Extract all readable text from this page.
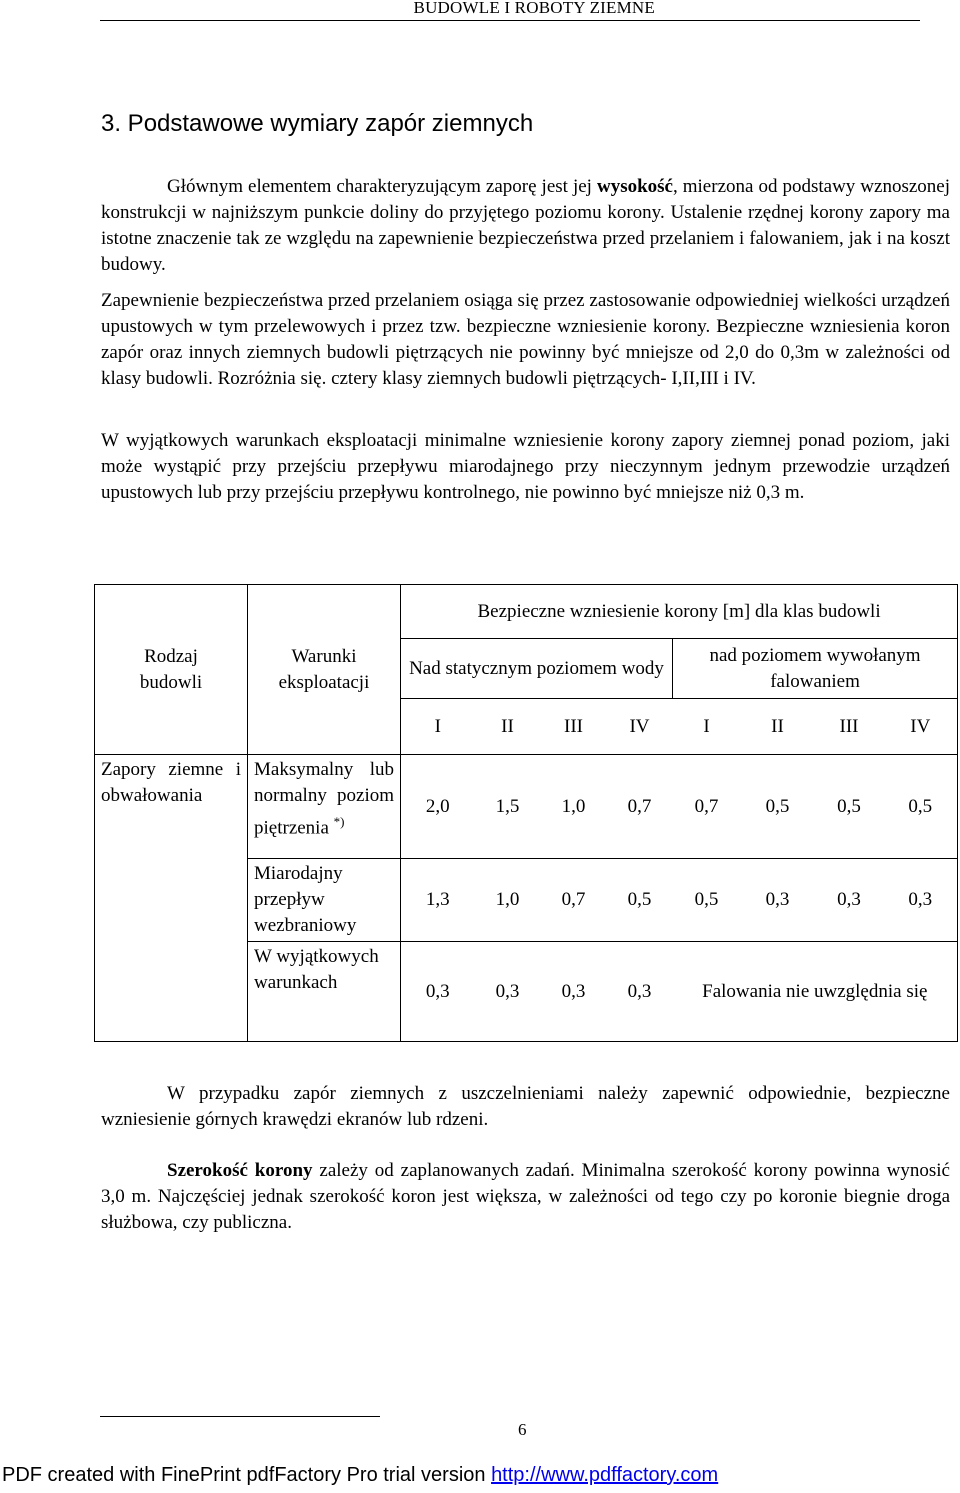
BUDOWLE I ROBOTY ZIEMNE
3. Podstawowe wymiary zapór ziemnych

Głównym elementem charakteryzującym zaporę jest jej wysokość, mierzona od podstawy wznoszonej konstrukcji w najniższym punkcie doliny do przyjętego poziomu korony. Ustalenie rzędnej korony zapory ma istotne znaczenie tak ze względu na zapewnienie bezpieczeństwa przed przelaniem i falowaniem, jak i na koszt budowy.

Zapewnienie bezpieczeństwa przed przelaniem osiąga się przez zastosowanie odpowiedniej wielkości urządzeń upustowych w tym przelewowych i przez tzw. bezpieczne wzniesienie korony. Bezpieczne wzniesienia koron zapór oraz innych ziemnych budowli piętrzących nie powinny być mniejsze od 2,0 do 0,3m w zależności od klasy budowli. Rozróżnia się. cztery klasy ziemnych budowli piętrzących- I,II,III i IV.

W wyjątkowych warunkach eksploatacji minimalne wzniesienie korony zapory ziemnej ponad poziom, jaki może wystąpić przy przejściu przepływu miarodajnego przy nieczynnym jednym przewodzie urządzeń upustowych lub przy przejściu przepływu kontrolnego, nie powinno być mniejsze niż 0,3 m.

Rodzaj budowli	Warunki eksploatacji	Bezpieczne wzniesienie korony [m] dla klas budowli							
		Nad statycznym poziomem wody				nad poziomem wywołanym falowaniem			
		I	II	III	IV	I	II	III	IV
Zapory ziemne i obwałowania	Maksymalny lub normalny poziom piętrzenia *)	2,0	1,5	1,0	0,7	0,7	0,5	0,5	0,5
	Miarodajny przepływ wezbraniowy	1,3	1,0	0,7	0,5	0,5	0,3	0,3	0,3
	W wyjątkowych warunkach	0,3	0,3	0,3	0,3	Falowania nie uwzględnia się			

W przypadku zapór ziemnych z uszczelnieniami należy zapewnić odpowiednie, bezpieczne wzniesienie górnych krawędzi ekranów lub rdzeni.

Szerokość korony zależy od zaplanowanych zadań. Minimalna szerokość korony powinna wynosić 3,0 m. Najczęściej jednak szerokość koron jest większa, w zależności od tego czy po koronie biegnie droga służbowa, czy publiczna.

6
PDF created with FinePrint pdfFactory Pro trial version http://www.pdffactory.com
